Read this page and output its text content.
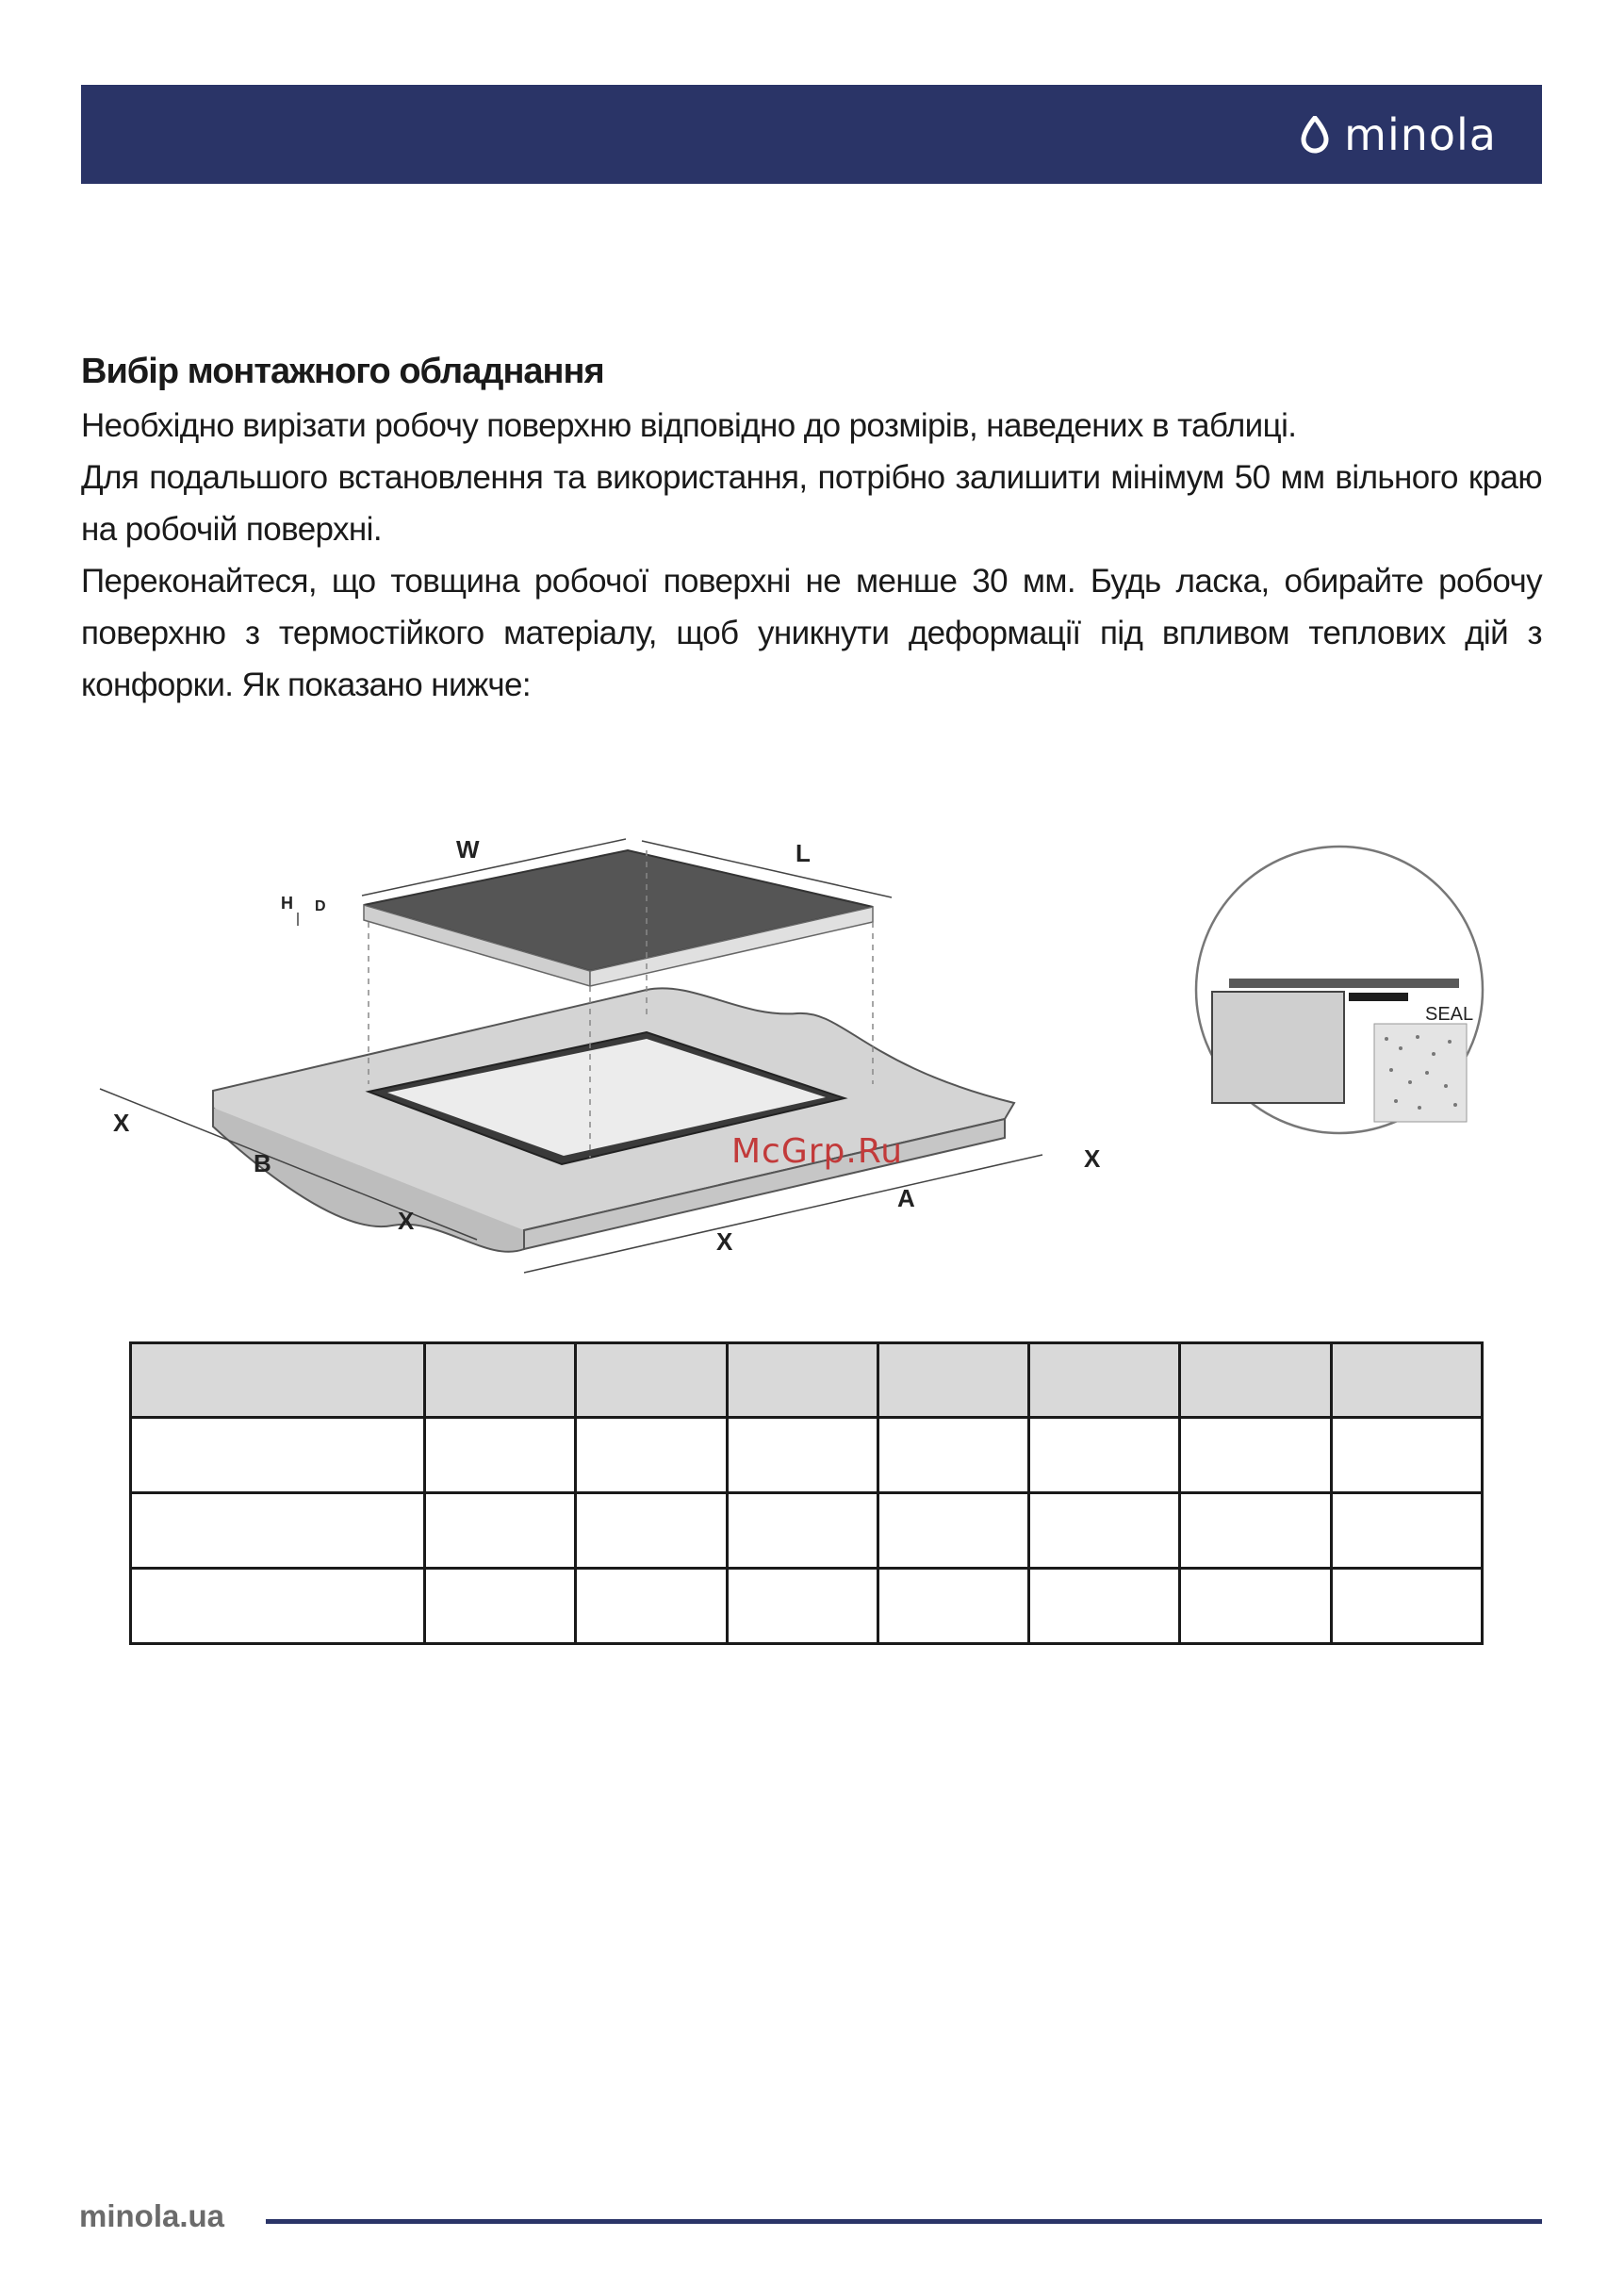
minola
Вибір монтажного обладнання

Необхідно вирізати робочу поверхню відповідно до розмірів, наведених в таблиці.

Для подальшого встановлення та використання, потрібно залишити мінімум 50 мм вільного краю на робочій поверхні.

Переконайтеся, що товщина робочої поверхні не менше 30 мм. Будь ласка, обирайте робочу поверхню з термостійкого матеріалу, щоб уникнути деформації під впливом теплових дій з конфорки. Як показано нижче:

W	L
H D
X
B
X
X
A
X
SEAL
McGrp.Ru

minola.ua
